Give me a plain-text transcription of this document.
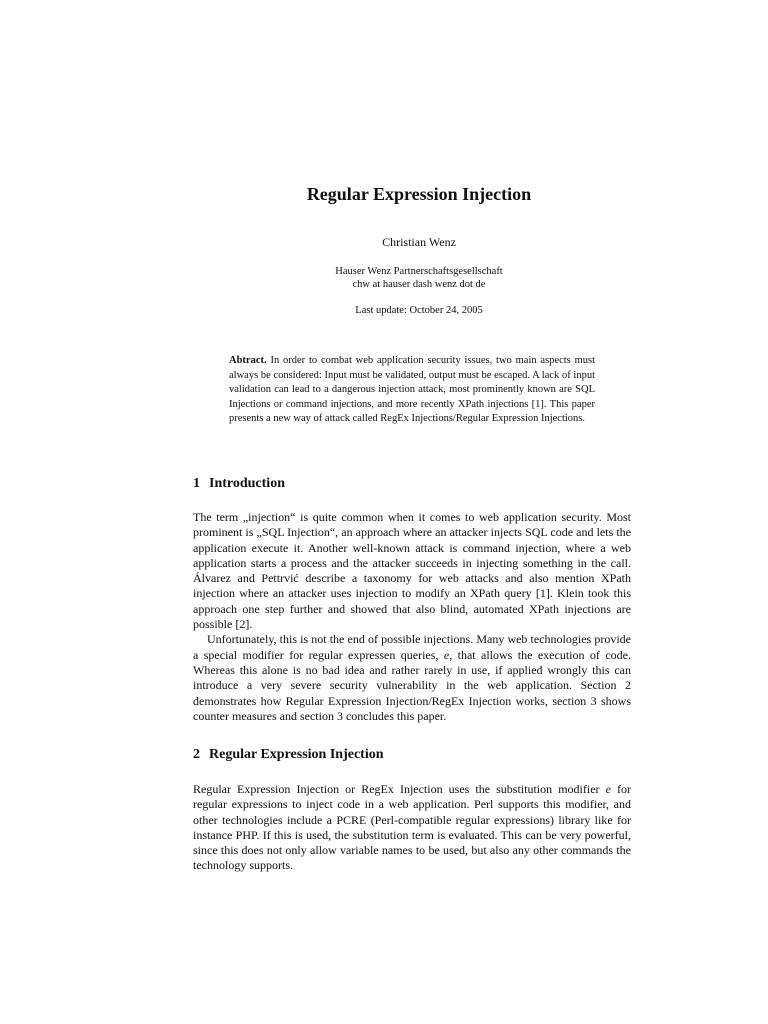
Regular Expression Injection
Christian Wenz
Hauser Wenz Partnerschaftsgesellschaft
chw at hauser dash wenz dot de
Last update: October 24, 2005
Abtract. In order to combat web application security issues, two main aspects must always be considered: Input must be validated, output must be escaped. A lack of input validation can lead to a dangerous injection attack, most prominently known are SQL Injections or command injections, and more recently XPath injections [1]. This paper presents a new way of attack called RegEx Injections/Regular Expression Injections.
1 Introduction

The term „injection“ is quite common when it comes to web application security. Most prominent is „SQL Injection“, an approach where an attacker injects SQL code and lets the application execute it. Another well-known attack is command injection, where a web application starts a process and the attacker succeeds in injecting something in the call. Álvarez and Pettrvić describe a taxonomy for web attacks and also mention XPath injection where an attacker uses injection to modify an XPath query [1]. Klein took this approach one step further and showed that also blind, automated XPath injections are possible [2].

Unfortunately, this is not the end of possible injections. Many web technologies provide a special modifier for regular expressen queries, e, that allows the execution of code. Whereas this alone is no bad idea and rather rarely in use, if applied wrongly this can introduce a very severe security vulnerability in the web application. Section 2 demonstrates how Regular Expression Injection/RegEx Injection works, section 3 shows counter measures and section 3 concludes this paper.

2 Regular Expression Injection

Regular Expression Injection or RegEx Injection uses the substitution modifier e for regular expressions to inject code in a web application. Perl supports this modifier, and other technologies include a PCRE (Perl-compatible regular expressions) library like for instance PHP. If this is used, the substitution term is evaluated. This can be very powerful, since this does not only allow variable names to be used, but also any other commands the technology supports.
